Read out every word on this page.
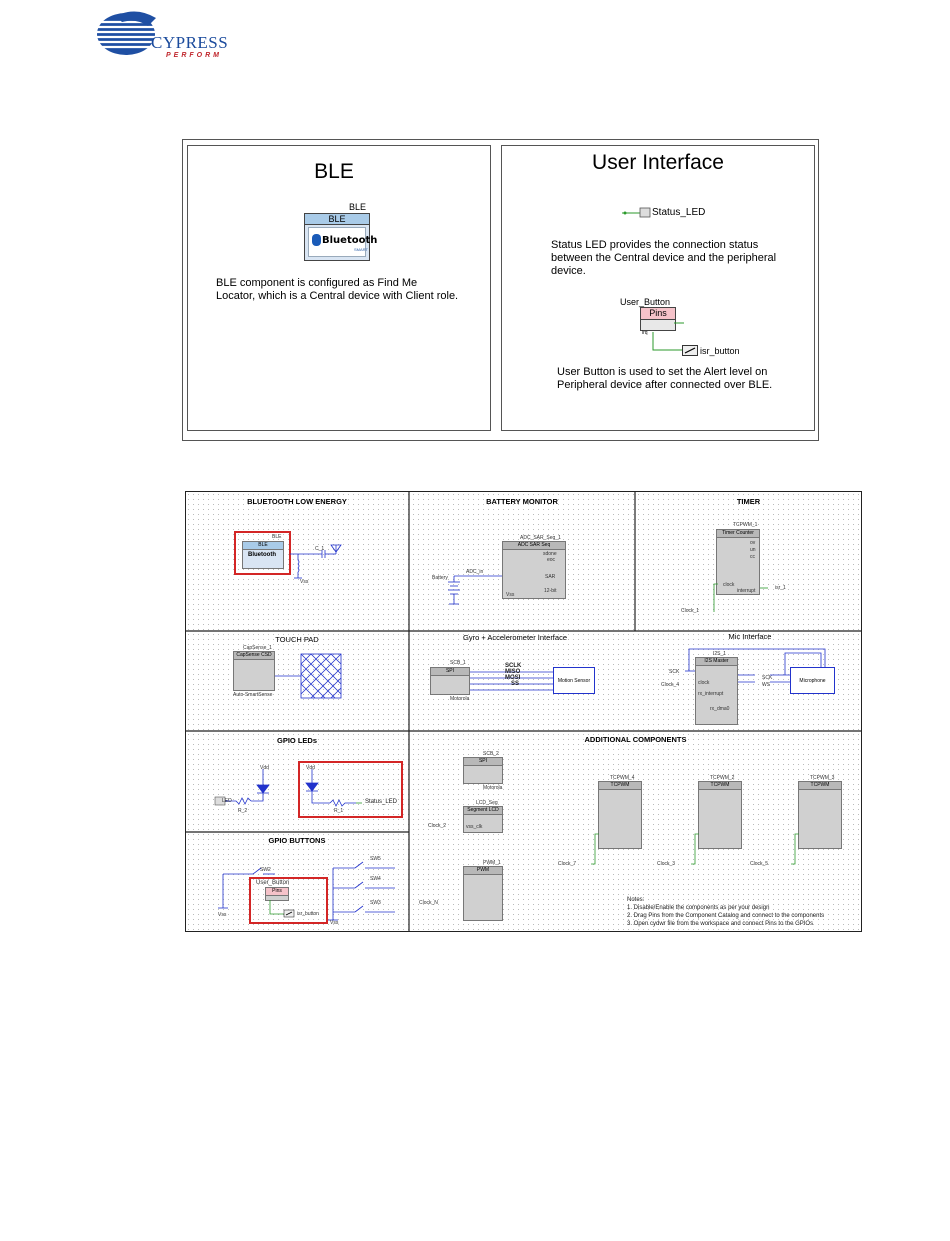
CYPRESS
PERFORM
BLE
BLE
BLE
Bluetooth
SMART
BLE component is configured as Find Me
Locator, which is a Central device with Client role.
User Interface
Status_LED
Status LED provides the connection status
between the Central device and the peripheral
device.
User_Button
Pins
irq
isr_button
User Button is used to set the Alert level on
Peripheral device after connected over BLE.
BLUETOOTH LOW ENERGY	BATTERY MONITOR	TIMER
TOUCH PAD	Gyro + Accelerometer Interface	Mic Interface
GPIO LEDs
GPIO BUTTONS
ADDITIONAL COMPONENTS
BLE
BLE
Bluetooth
Vss
C_1
ADC_SAR_Seq_1
ADC SAR Seq
sdone
eoc
SAR
12-bit
Vss
Battery
ADC_in
TCPWM_1
Timer Counter
ov
un
cc
clock
interrupt	isr_1
Clock_1
CapSense_1
CapSense CSD
Auto-SmartSense
SCB_1
SPI
Motorola
SCLK
MISO
MOSI
SS	Motion Sensor
I2S_1
I2S Master
clock
rx_interrupt
rx_dma0
SCK
Clock_4
SCK
WS
Microphone
Vdd
LED
R_2
Vdd
R_1
Status_LED
SW2
SW5
SW4
SW3
Vss
Vss
User_Button
Pins
isr_button
SCB_2
SPI
Motorola
LCD_Seg
Segment LCD
vss_clk
Clock_2
PWM_1
PWM
Clock_N
TCPWM_4
TCPWM
TCPWM_2
TCPWM
TCPWM_3
TCPWM
Clock_7	Clock_3	Clock_5
Notes:
1. Disable/Enable the components as per your design
2. Drag Pins from the Component Catalog and connect to the components
3. Open cydwr file from the workspace and connect Pins to the GPIOs
